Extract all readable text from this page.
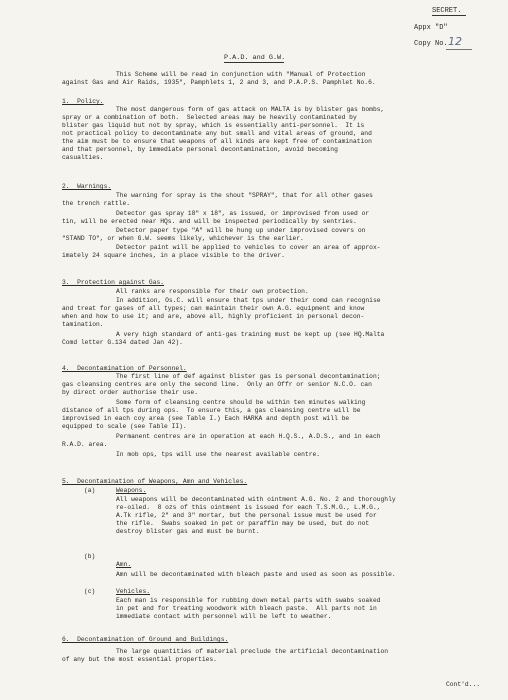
SECRET.
Appx "D"
Copy No. 12
P.A.D. and G.W.
This Scheme will be read in conjunction with "Manual of Protection
against Gas and Air Raids, 1935", Pamphlets 1, 2 and 3, and P.A.P.S. Pamphlet No.6.
1.  Policy.
The most dangerous form of gas attack on MALTA is by blister gas bombs,
spray or a combination of both.  Selected areas may be heavily contaminated by
blister gas liquid but not by spray, which is essentially anti-personnel.  It is
not practical policy to decontaminate any but small and vital areas of ground, and
the aim must be to ensure that weapons of all kinds are kept free of contamination
and that personnel, by immediate personal decontamination, avoid becoming
casualties.
2.  Warnings.
The warning for spray is the shout "SPRAY", that for all other gases
the trench rattle.
Detector gas spray 18" x 18", as issued, or improvised from used or
tin, will be erected near HQs. and will be inspected periodically by sentries.
Detector paper type "A" will be hung up under improvised covers on
"STAND TO", or when G.W. seems likely, whichever is the earlier.
Detector paint will be applied to vehicles to cover an area of approx-
imately 24 square inches, in a place visible to the driver.
3.  Protection against Gas.
All ranks are responsible for their own protection.
In addition, Os.C. will ensure that tps under their comd can recognise
and treat for gases of all types; can maintain their own A.G. equipment and know
when and how to use it; and are, above all, highly proficient in personal decon-
tamination.
A very high standard of anti-gas training must be kept up (see HQ.Malta
Comd letter G.134 dated Jan 42).
4.  Decontamination of Personnel.
The first line of def against blister gas is personal decontamination;
gas cleansing centres are only the second line.  Only an Offr or senior N.C.O. can
by direct order authorise their use.
Some form of cleansing centre should be within ten minutes walking
distance of all tps during ops.  To ensure this, a gas cleansing centre will be
improvised in each coy area (see Table I.) Each HARKA and depth post will be
equipped to scale (see Table II).
Permanent centres are in operation at each H.Q.S., A.D.S., and in each
R.A.D. area.
In mob ops, tps will use the nearest available centre.
5.  Decontamination of Weapons, Amn and Vehicles.
(a)	Weapons.
All weapons will be decontaminated with ointment A.G. No. 2 and thoroughly
re-oiled.  8 ozs of this ointment is issued for each T.S.M.G., L.M.G.,
A.Tk rifle, 2" and 3" mortar, but the personal issue must be used for
the rifle.  Swabs soaked in pet or paraffin may be used, but do not
destroy blister gas and must be burnt.
(b)
Amn.
Amn will be decontaminated with bleach paste and used as soon as possible.
(c)	Vehicles.
Each man is responsible for rubbing down metal parts with swabs soaked
in pet and for treating woodwork with bleach paste.  All parts not in
immediate contact with personnel will be left to weather.
6.  Decontamination of Ground and Buildings.
The large quantities of material preclude the artificial decontamination
of any but the most essential properties.
Cont'd...
